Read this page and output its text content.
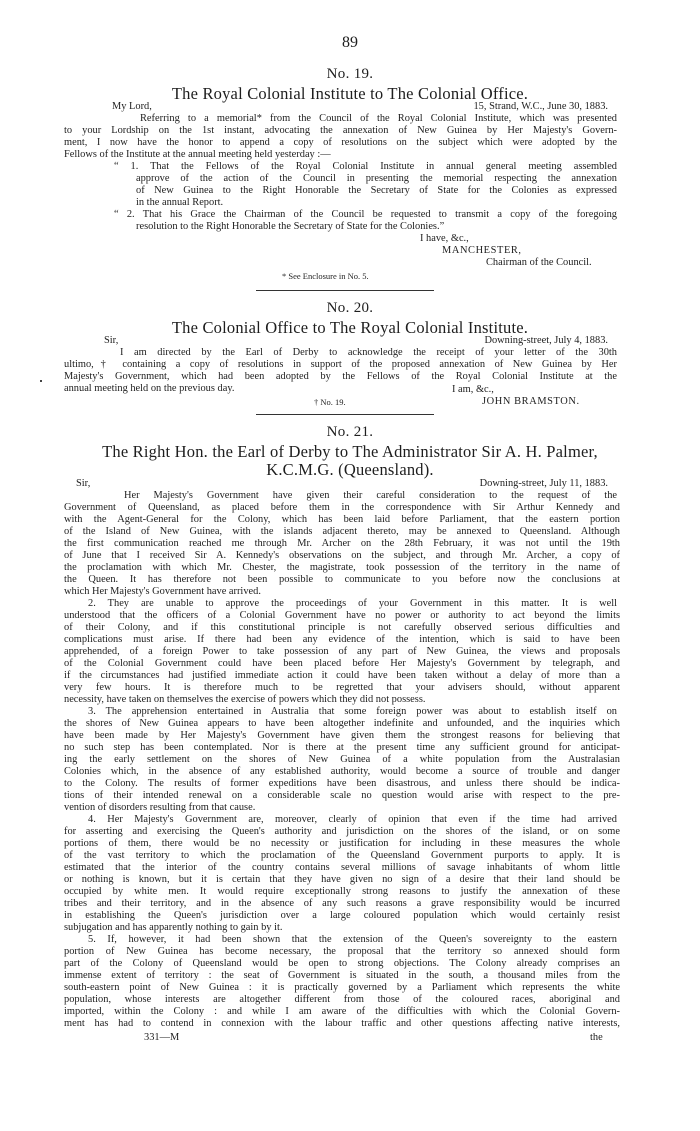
89
No. 19.
The Royal Colonial Institute to The Colonial Office.
My Lord,	15, Strand, W.C., June 30, 1883.
Referring to a memorial* from the Council of the Royal Colonial Institute, which was presented
to your Lordship on the 1st instant, advocating the annexation of New Guinea by Her Majesty's Govern-
ment, I now have the honor to append a copy of resolutions on the subject which were adopted by the
Fellows of the Institute at the annual meeting held yesterday :—
“ 1. That the Fellows of the Royal Colonial Institute in annual general meeting assembled
approve of the action of the Council in presenting the memorial respecting the annexation
of New Guinea to the Right Honorable the Secretary of State for the Colonies as expressed
in the annual Report.
“ 2. That his Grace the Chairman of the Council be requested to transmit a copy of the foregoing
resolution to the Right Honorable the Secretary of State for the Colonies.”
I have, &c.,
MANCHESTER,
Chairman of the Council.
* See Enclosure in No. 5.
No. 20.
The Colonial Office to The Royal Colonial Institute.
Sir,	Downing-street, July 4, 1883.
I am directed by the Earl of Derby to acknowledge the receipt of your letter of the 30th
ultimo,† containing a copy of resolutions in support of the proposed annexation of New Guinea by Her
Majesty's Government, which had been adopted by the Fellows of the Royal Colonial Institute at the
annual meeting held on the previous day.
† No. 19.
I am, &c.,
JOHN BRAMSTON.
No. 21.
The Right Hon. the Earl of Derby to The Administrator Sir A. H. Palmer,
K.C.M.G. (Queensland).
Sir,	Downing-street, July 11, 1883.
Her Majesty's Government have given their careful consideration to the request of the
Government of Queensland, as placed before them in the correspondence with Sir Arthur Kennedy and
with the Agent-General for the Colony, which has been laid before Parliament, that the eastern portion
of the Island of New Guinea, with the islands adjacent thereto, may be annexed to Queensland. Although
the first communication reached me through Mr. Archer on the 28th February, it was not until the 19th
of June that I received Sir A. Kennedy's observations on the subject, and through Mr. Archer, a copy of
the proclamation with which Mr. Chester, the magistrate, took possession of the territory in the name of
the Queen. It has therefore not been possible to communicate to you before now the conclusions at
which Her Majesty's Government have arrived.
2. They are unable to approve the proceedings of your Government in this matter. It is well
understood that the officers of a Colonial Government have no power or authority to act beyond the limits
of their Colony, and if this constitutional principle is not carefully observed serious difficulties and
complications must arise. If there had been any evidence of the intention, which is said to have been
apprehended, of a foreign Power to take possession of any part of New Guinea, the views and proposals
of the Colonial Government could have been placed before Her Majesty's Government by telegraph, and
if the circumstances had justified immediate action it could have been taken without a delay of more than a
very few hours. It is therefore much to be regretted that your advisers should, without apparent
necessity, have taken on themselves the exercise of powers which they did not possess.
3. The apprehension entertained in Australia that some foreign power was about to establish itself on
the shores of New Guinea appears to have been altogether indefinite and unfounded, and the inquiries which
have been made by Her Majesty's Government have given them the strongest reasons for believing that
no such step has been contemplated. Nor is there at the present time any sufficient ground for anticipat-
ing the early settlement on the shores of New Guinea of a white population from the Australasian
Colonies which, in the absence of any established authority, would become a source of trouble and danger
to the Colony. The results of former expeditions have been disastrous, and unless there should be indica-
tions of their intended renewal on a considerable scale no question would arise with respect to the pre-
vention of disorders resulting from that cause.
4. Her Majesty's Government are, moreover, clearly of opinion that even if the time had arrived
for asserting and exercising the Queen's authority and jurisdiction on the shores of the island, or on some
portions of them, there would be no necessity or justification for including in these measures the whole
of the vast territory to which the proclamation of the Queensland Government purports to apply. It is
estimated that the interior of the country contains several millions of savage inhabitants of whom little
or nothing is known, but it is certain that they have given no sign of a desire that their land should be
occupied by white men. It would require exceptionally strong reasons to justify the annexation of these
tribes and their territory, and in the absence of any such reasons a grave responsibility would be incurred
in establishing the Queen's jurisdiction over a large coloured population which would certainly resist
subjugation and has apparently nothing to gain by it.
5. If, however, it had been shown that the extension of the Queen's sovereignty to the eastern
portion of New Guinea has become necessary, the proposal that the territory so annexed should form
part of the Colony of Queensland would be open to strong objections. The Colony already comprises an
immense extent of territory : the seat of Government is situated in the south, a thousand miles from the
south-eastern point of New Guinea : it is practically governed by a Parliament which represents the white
population, whose interests are altogether different from those of the coloured races, aboriginal and
imported, within the Colony : and while I am aware of the difficulties with which the Colonial Govern-
ment has had to contend in connexion with the labour traffic and other questions affecting native interests,
331—M	the
